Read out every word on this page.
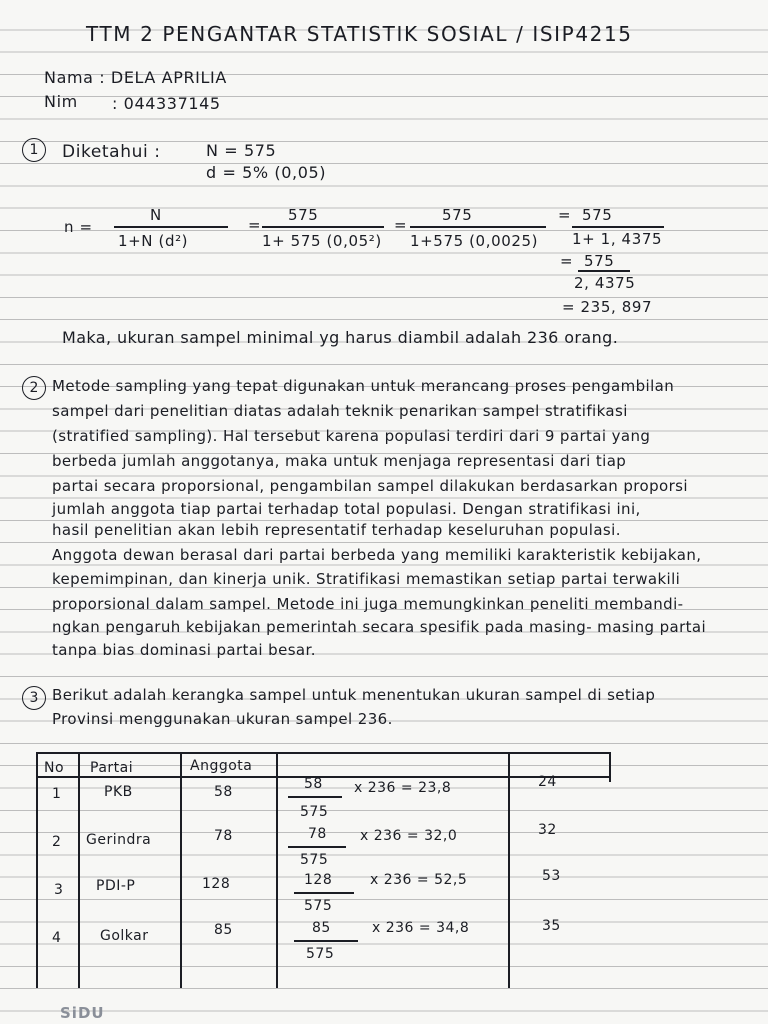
TTM 2 PENGANTAR STATISTIK SOSIAL / ISIP4215
Nama : DELA APRILIA
Nim : 044337145
1	Diketahui :	N = 575
d = 5% (0,05)
n =
N
1+N (d²)
=
575
1+ 575 (0,05²)
=
575
1+575 (0,0025)
= 575
1+ 1, 4375
= 575
2, 4375
= 235, 897
Maka, ukuran sampel minimal yg harus diambil adalah 236 orang.
2 Metode sampling yang tepat digunakan untuk merancang proses pengambilan
sampel dari penelitian diatas adalah teknik penarikan sampel stratifikasi
(stratified sampling). Hal tersebut karena populasi terdiri dari 9 partai yang
berbeda jumlah anggotanya, maka untuk menjaga representasi dari tiap
partai secara proporsional, pengambilan sampel dilakukan berdasarkan proporsi
jumlah anggota tiap partai terhadap total populasi. Dengan stratifikasi ini,
hasil penelitian akan lebih representatif terhadap keseluruhan populasi.
Anggota dewan berasal dari partai berbeda yang memiliki karakteristik kebijakan,
kepemimpinan, dan kinerja unik. Stratifikasi memastikan setiap partai terwakili
proporsional dalam sampel. Metode ini juga memungkinkan peneliti membandi-
ngkan pengaruh kebijakan pemerintah secara spesifik pada masing- masing partai
tanpa bias dominasi partai besar.
3 Berikut adalah kerangka sampel untuk menentukan ukuran sampel di setiap
Provinsi menggunakan ukuran sampel 236.
No Partai	Anggota
1	PKB	58	58
575
x 236 = 23,8	24
2 Gerindra	78	78
575
x 236 = 32,0	32
3 PDI-P	128	128
575
x 236 = 52,5	53
4	Golkar	85	85
575
x 236 = 34,8	35
SiDU
